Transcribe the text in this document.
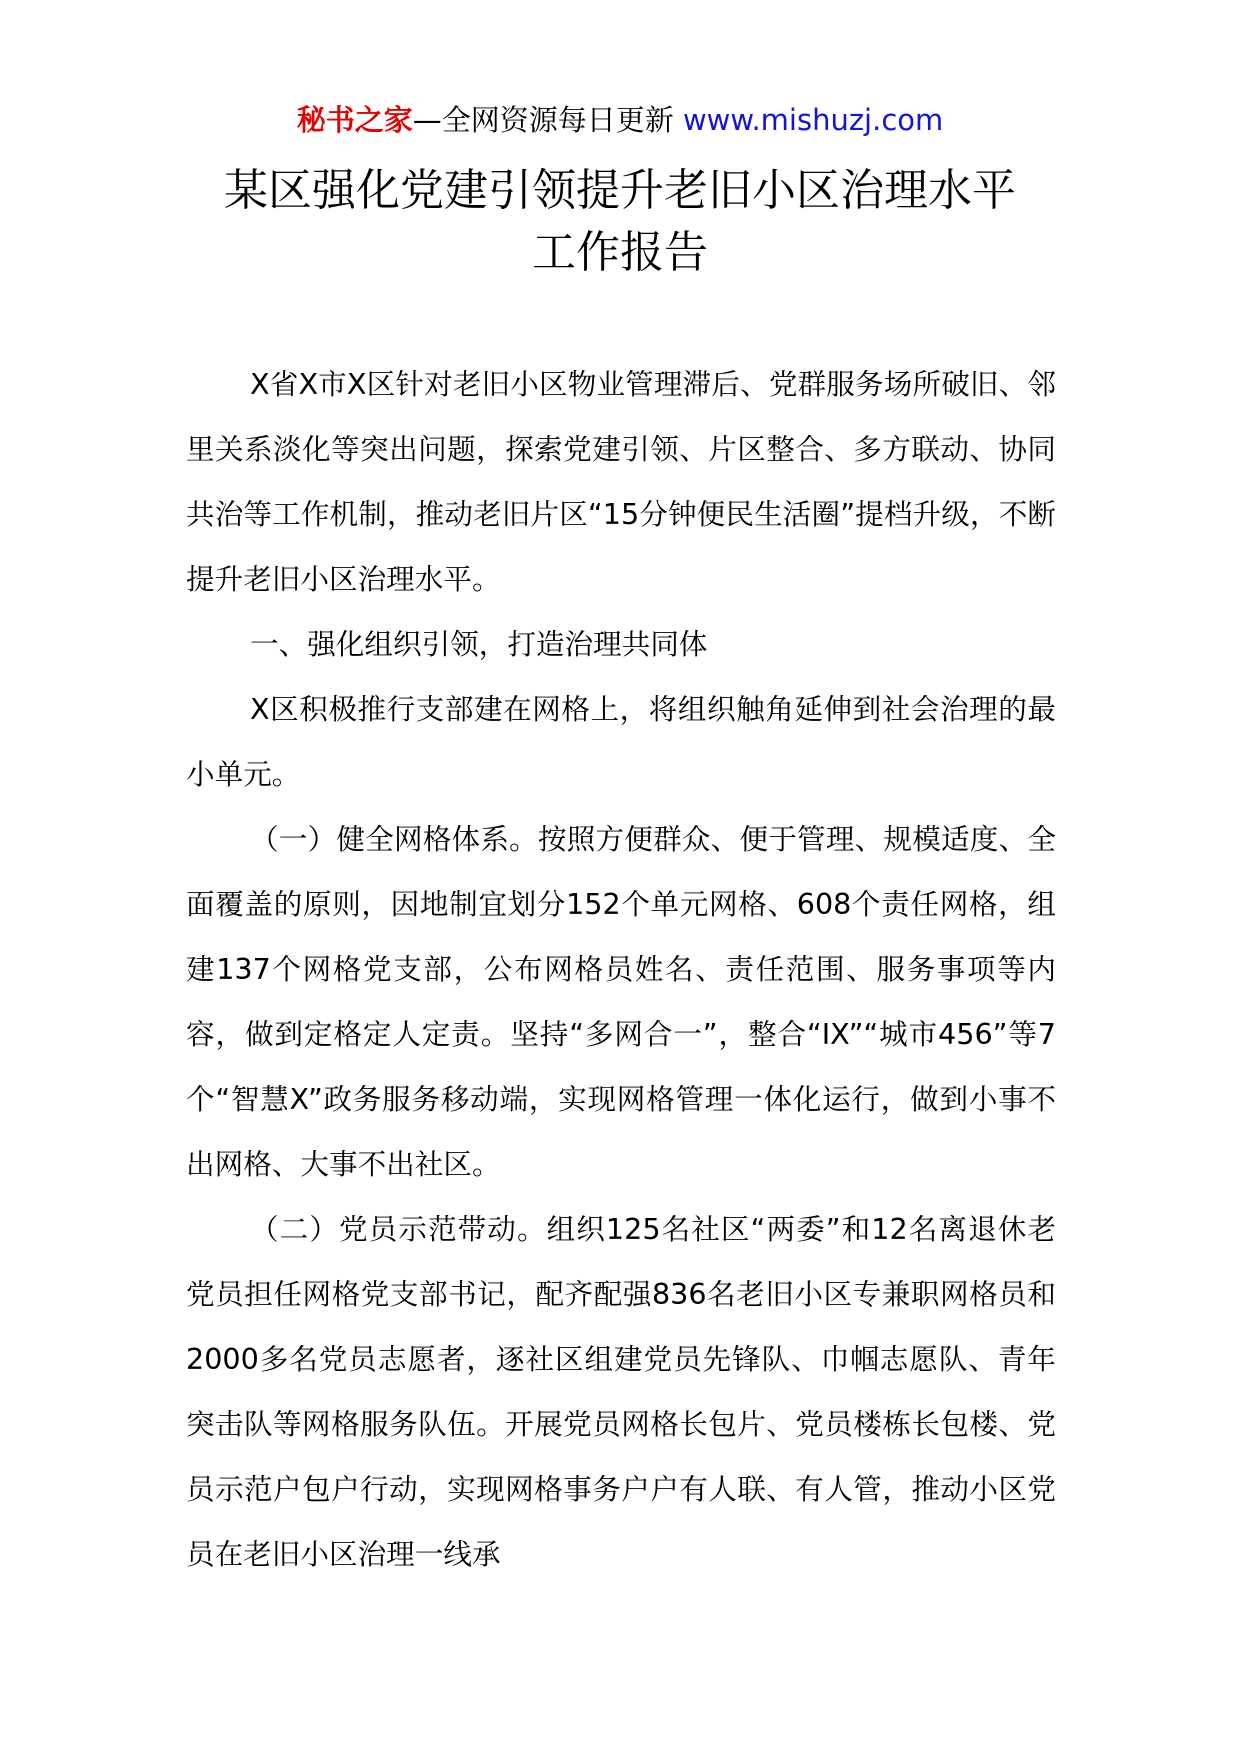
秘书之家—全网资源每日更新 www.mishuzj.com
某区强化党建引领提升老旧小区治理水平
工作报告

X省X市X区针对老旧小区物业管理滞后、党群服务场所破旧、邻里关系淡化等突出问题，探索党建引领、片区整合、多方联动、协同共治等工作机制，推动老旧片区“15分钟便民生活圈”提档升级，不断提升老旧小区治理水平。

一、强化组织引领，打造治理共同体

X区积极推行支部建在网格上，将组织触角延伸到社会治理的最小单元。

（一）健全网格体系。按照方便群众、便于管理、规模适度、全面覆盖的原则，因地制宜划分152个单元网格、608个责任网格，组建137个网格党支部，公布网格员姓名、责任范围、服务事项等内容，做到定格定人定责。坚持“多网合一”，整合“IX”“城市456”等7个“智慧X”政务服务移动端，实现网格管理一体化运行，做到小事不出网格、大事不出社区。

（二）党员示范带动。组织125名社区“两委”和12名离退休老党员担任网格党支部书记，配齐配强836名老旧小区专兼职网格员和2000多名党员志愿者，逐社区组建党员先锋队、巾帼志愿队、青年突击队等网格服务队伍。开展党员网格长包片、党员楼栋长包楼、党员示范户包户行动，实现网格事务户户有人联、有人管，推动小区党员在老旧小区治理一线承
